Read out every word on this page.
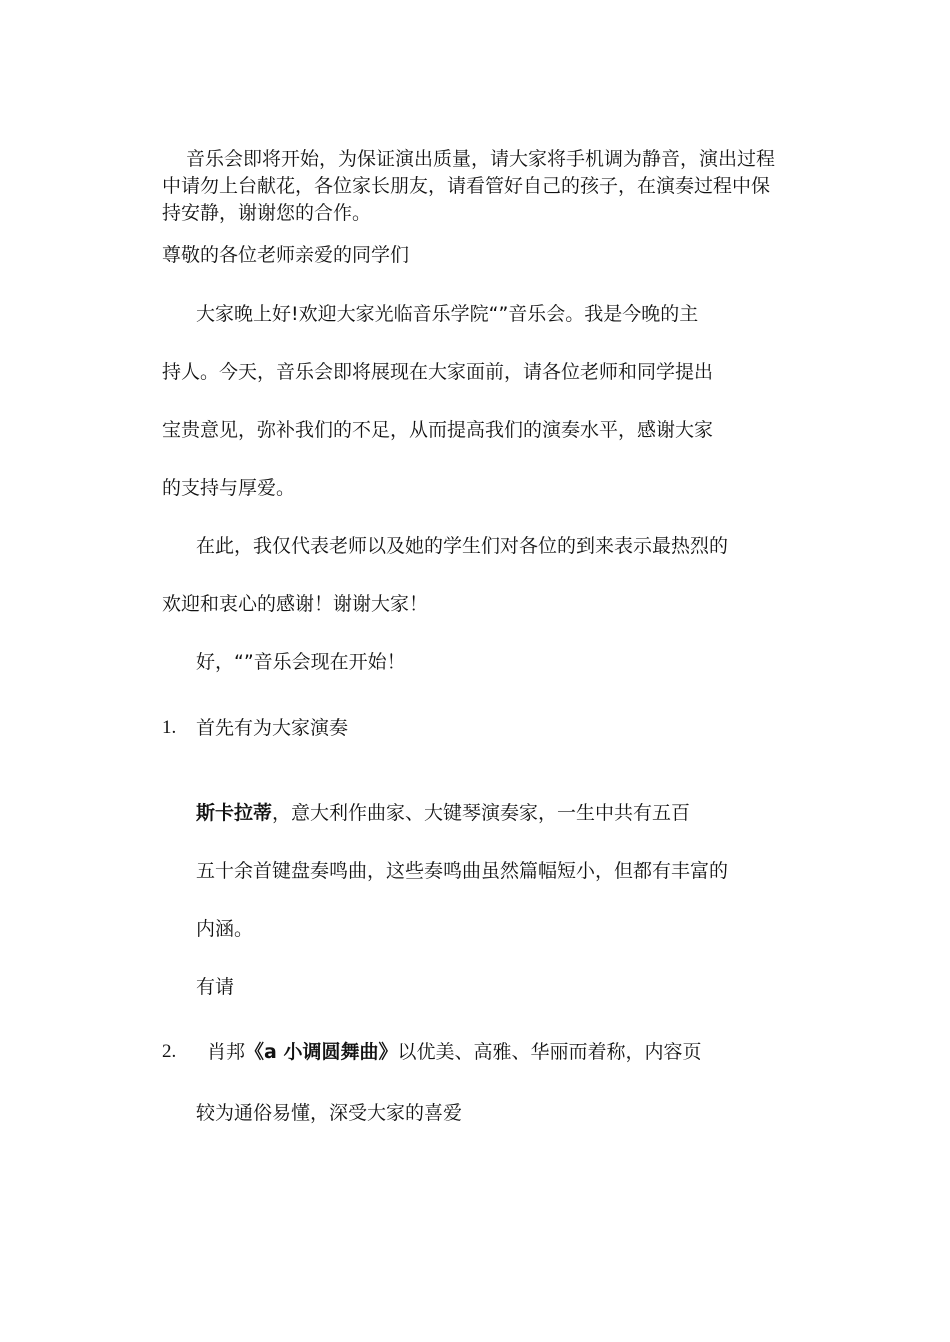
音乐会即将开始，为保证演出质量，请大家将手机调为静音，演出过程中请勿上台献花，各位家长朋友，请看管好自己的孩子，在演奏过程中保持安静，谢谢您的合作。
尊敬的各位老师亲爱的同学们
大家晚上好!欢迎大家光临音乐学院“”音乐会。我是今晚的主
持人。今天，音乐会即将展现在大家面前，请各位老师和同学提出
宝贵意见，弥补我们的不足，从而提高我们的演奏水平，感谢大家
的支持与厚爱。
在此，我仅代表老师以及她的学生们对各位的到来表示最热烈的
欢迎和衷心的感谢！谢谢大家！
好，“”音乐会现在开始！
1. 首先有为大家演奏
斯卡拉蒂，意大利作曲家、大键琴演奏家，一生中共有五百
五十余首键盘奏鸣曲，这些奏鸣曲虽然篇幅短小，但都有丰富的
内涵。
有请
2. 肖邦《a 小调圆舞曲》以优美、高雅、华丽而着称，内容页
较为通俗易懂，深受大家的喜爱
